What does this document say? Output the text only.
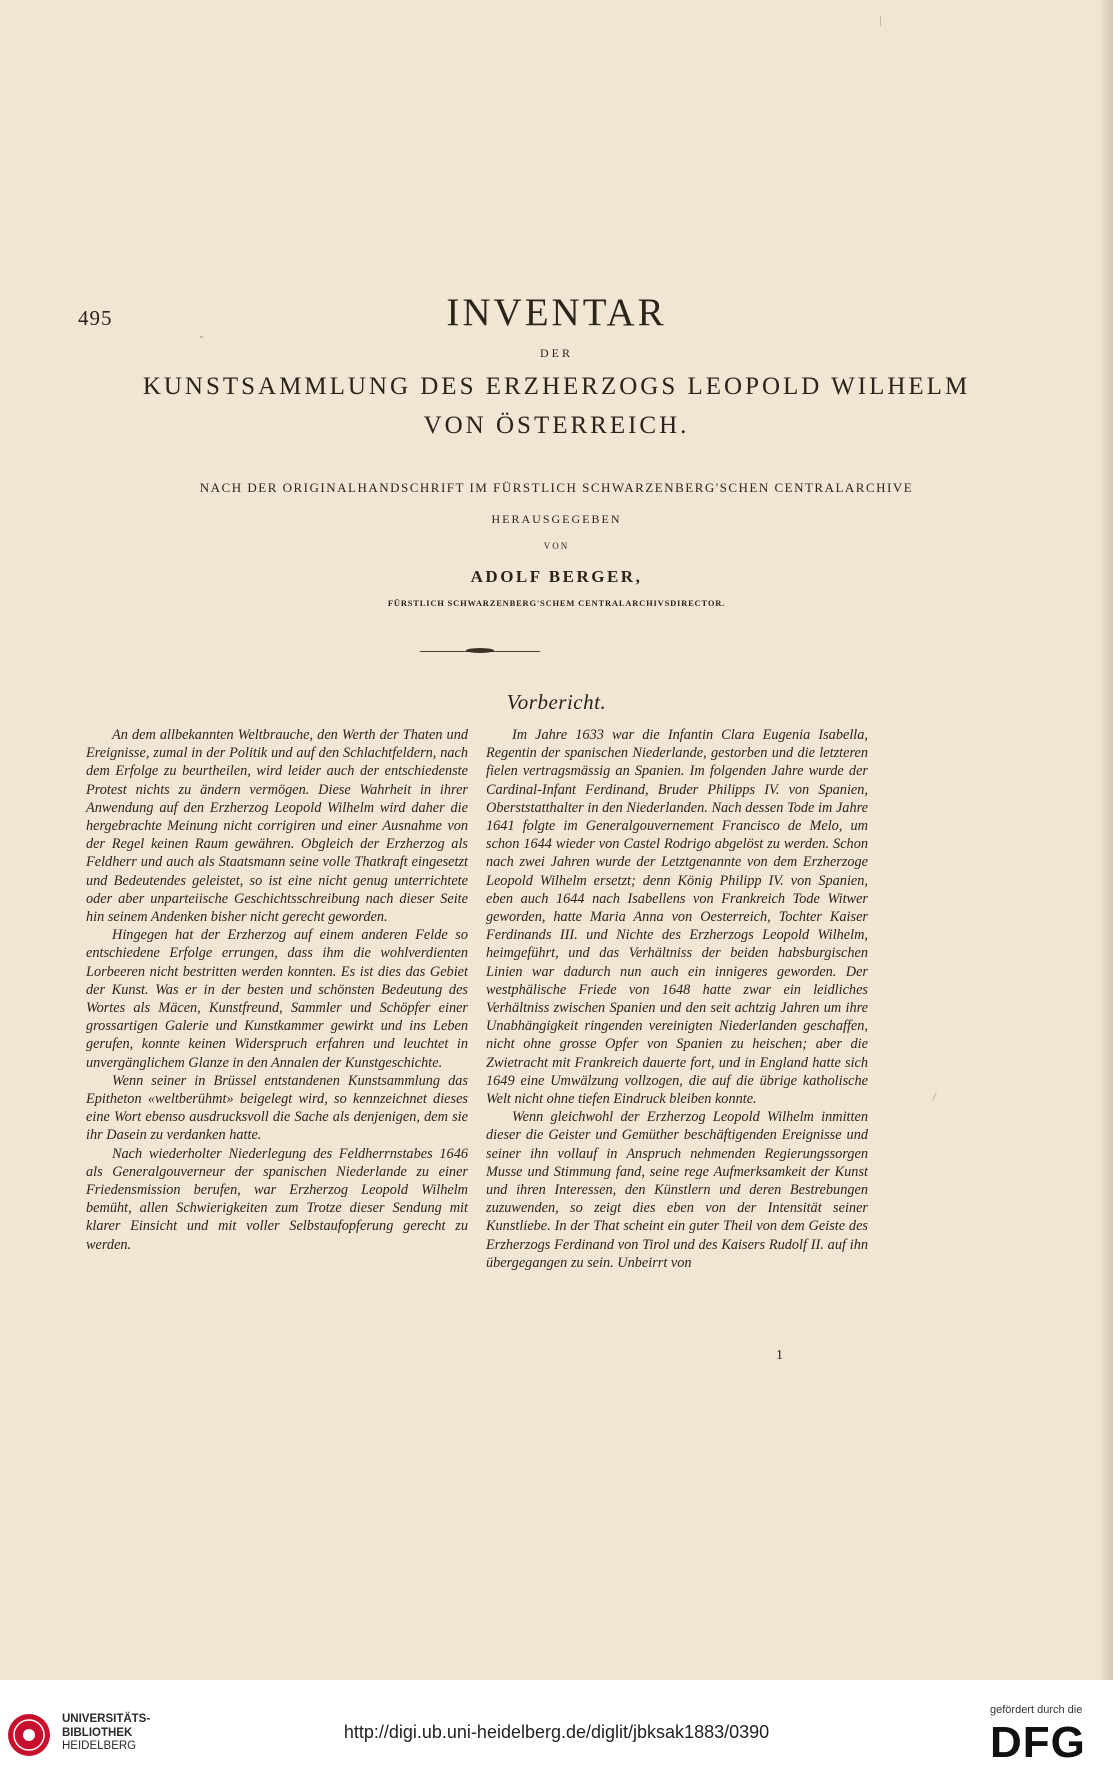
495	INVENTAR
DER
KUNSTSAMMLUNG DES ERZHERZOGS LEOPOLD WILHELM
VON ÖSTERREICH.
NACH DER ORIGINALHANDSCHRIFT IM FÜRSTLICH SCHWARZENBERG'SCHEN CENTRALARCHIVE
HERAUSGEGEBEN
VON
ADOLF BERGER,
FÜRSTLICH SCHWARZENBERG'SCHEM CENTRALARCHIVSDIRECTOR.
Vorbericht.

An dem allbekannten Weltbrauche, den Werth der Thaten und Ereignisse, zumal in der Politik und auf den Schlachtfeldern, nach dem Erfolge zu beurtheilen, wird leider auch der entschiedenste Protest nichts zu ändern vermögen. Diese Wahrheit in ihrer Anwendung auf den Erzherzog Leopold Wilhelm wird daher die hergebrachte Meinung nicht corrigiren und einer Ausnahme von der Regel keinen Raum gewähren. Obgleich der Erzherzog als Feldherr und auch als Staatsmann seine volle Thatkraft eingesetzt und Bedeutendes geleistet, so ist eine nicht genug unterrichtete oder aber unparteiische Geschichtsschreibung nach dieser Seite hin seinem Andenken bisher nicht gerecht geworden.

Hingegen hat der Erzherzog auf einem anderen Felde so entschiedene Erfolge errungen, dass ihm die wohlverdienten Lorbeeren nicht bestritten werden konnten. Es ist dies das Gebiet der Kunst. Was er in der besten und schönsten Bedeutung des Wortes als Mäcen, Kunstfreund, Sammler und Schöpfer einer grossartigen Galerie und Kunstkammer gewirkt und ins Leben gerufen, konnte keinen Widerspruch erfahren und leuchtet in unvergänglichem Glanze in den Annalen der Kunstgeschichte.

Wenn seiner in Brüssel entstandenen Kunstsammlung das Epitheton «weltberühmt» beigelegt wird, so kennzeichnet dieses eine Wort ebenso ausdrucksvoll die Sache als denjenigen, dem sie ihr Dasein zu verdanken hatte.

Nach wiederholter Niederlegung des Feldherrnstabes 1646 als Generalgouverneur der spanischen Niederlande zu einer Friedensmission berufen, war Erzherzog Leopold Wilhelm bemüht, allen Schwierigkeiten zum Trotze dieser Sendung mit klarer Einsicht und mit voller Selbstaufopferung gerecht zu werden.

Im Jahre 1633 war die Infantin Clara Eugenia Isabella, Regentin der spanischen Niederlande, gestorben und die letzteren fielen vertragsmässig an Spanien. Im folgenden Jahre wurde der Cardinal-Infant Ferdinand, Bruder Philipps IV. von Spanien, Oberststatthalter in den Niederlanden. Nach dessen Tode im Jahre 1641 folgte im Generalgouvernement Francisco de Melo, um schon 1644 wieder von Castel Rodrigo abgelöst zu werden. Schon nach zwei Jahren wurde der Letztgenannte von dem Erzherzoge Leopold Wilhelm ersetzt; denn König Philipp IV. von Spanien, eben auch 1644 nach Isabellens von Frankreich Tode Witwer geworden, hatte Maria Anna von Oesterreich, Tochter Kaiser Ferdinands III. und Nichte des Erzherzogs Leopold Wilhelm, heimgeführt, und das Verhältniss der beiden habsburgischen Linien war dadurch nun auch ein innigeres geworden. Der westphälische Friede von 1648 hatte zwar ein leidliches Verhältniss zwischen Spanien und den seit achtzig Jahren um ihre Unabhängigkeit ringenden vereinigten Niederlanden geschaffen, nicht ohne grosse Opfer von Spanien zu heischen; aber die Zwietracht mit Frankreich dauerte fort, und in England hatte sich 1649 eine Umwälzung vollzogen, die auf die übrige katholische Welt nicht ohne tiefen Eindruck bleiben konnte.

Wenn gleichwohl der Erzherzog Leopold Wilhelm inmitten dieser die Geister und Gemüther beschäftigenden Ereignisse und seiner ihn vollauf in Anspruch nehmenden Regierungssorgen Musse und Stimmung fand, seine rege Aufmerksamkeit der Kunst und ihren Interessen, den Künstlern und deren Bestrebungen zuzuwenden, so zeigt dies eben von der Intensität seiner Kunstliebe. In der That scheint ein guter Theil von dem Geiste des Erzherzogs Ferdinand von Tirol und des Kaisers Rudolf II. auf ihn übergegangen zu sein. Unbeirrt von

1
UNIVERSITÄTS-
BIBLIOTHEK
HEIDELBERG
http://digi.ub.uni-heidelberg.de/diglit/jbksak1883/0390
gefördert durch die
DFG
